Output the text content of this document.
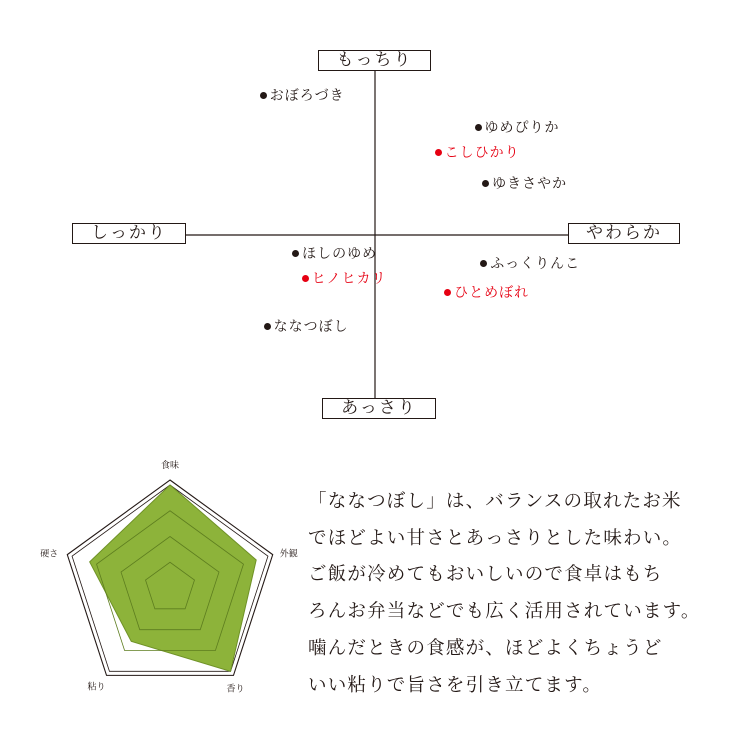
もっちり
しっかり	やわらか
あっさり
おぼろづき
ゆめぴりか
こしひかり
ゆきさやか
ほしのゆめ
ふっくりんこ
ヒノヒカリ
ひとめぼれ
ななつぼし
食味
外観
香り
粘り
硬さ
「ななつぼし」は、バランスの取れたお米
でほどよい甘さとあっさりとした味わい。
ご飯が冷めてもおいしいので食卓はもち
ろんお弁当などでも広く活用されています。
噛んだときの食感が、ほどよくちょうど
いい粘りで旨さを引き立てます。
